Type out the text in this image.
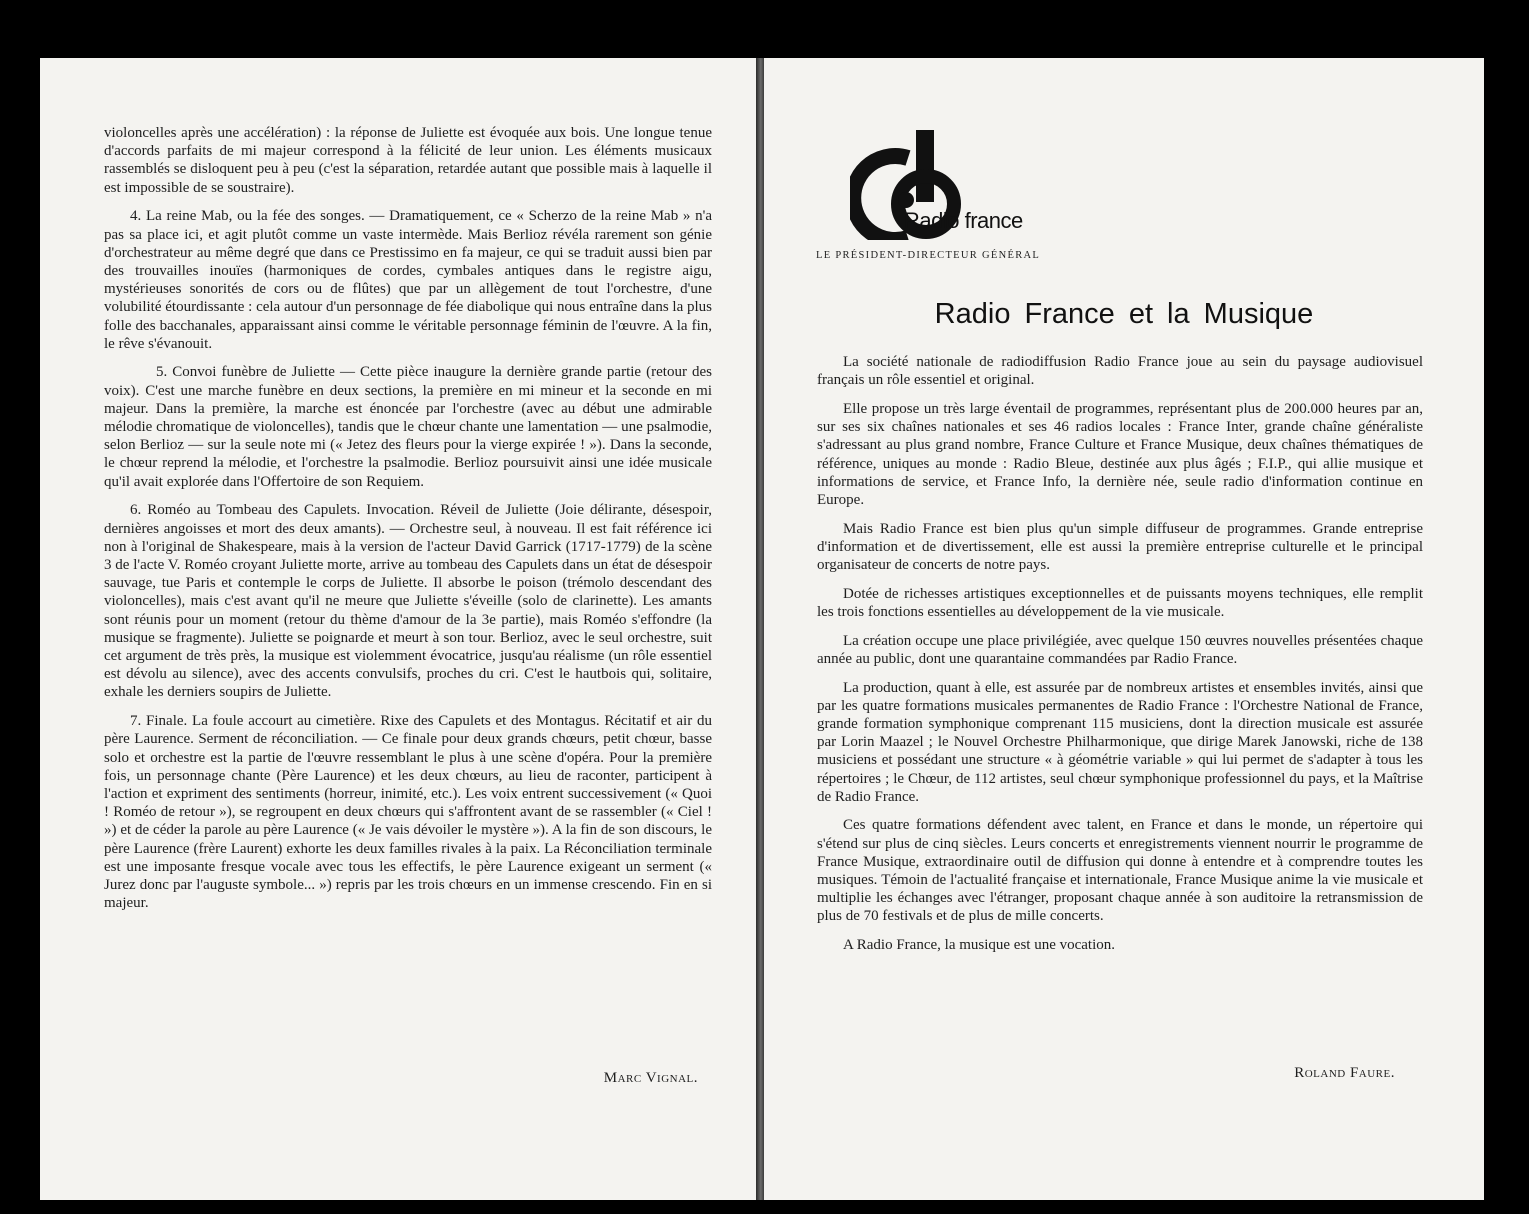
violoncelles après une accélération) : la réponse de Juliette est évoquée aux bois. Une longue tenue d'accords parfaits de mi majeur correspond à la félicité de leur union. Les éléments musicaux rassemblés se disloquent peu à peu (c'est la séparation, retardée autant que possible mais à laquelle il est impossible de se soustraire).

4. La reine Mab, ou la fée des songes. — Dramatiquement, ce « Scherzo de la reine Mab » n'a pas sa place ici, et agit plutôt comme un vaste intermède. Mais Berlioz révéla rarement son génie d'orchestrateur au même degré que dans ce Prestissimo en fa majeur, ce qui se traduit aussi bien par des trouvailles inouïes (harmoniques de cordes, cymbales antiques dans le registre aigu, mystérieuses sonorités de cors ou de flûtes) que par un allègement de tout l'orchestre, d'une volubilité étourdissante : cela autour d'un personnage de fée diabolique qui nous entraîne dans la plus folle des bacchanales, apparaissant ainsi comme le véritable personnage féminin de l'œuvre. A la fin, le rêve s'évanouit.

5. Convoi funèbre de Juliette — Cette pièce inaugure la dernière grande partie (retour des voix). C'est une marche funèbre en deux sections, la première en mi mineur et la seconde en mi majeur. Dans la première, la marche est énoncée par l'orchestre (avec au début une admirable mélodie chromatique de violoncelles), tandis que le chœur chante une lamentation — une psalmodie, selon Berlioz — sur la seule note mi (« Jetez des fleurs pour la vierge expirée ! »). Dans la seconde, le chœur reprend la mélodie, et l'orchestre la psalmodie. Berlioz poursuivit ainsi une idée musicale qu'il avait explorée dans l'Offertoire de son Requiem.

6. Roméo au Tombeau des Capulets. Invocation. Réveil de Juliette (Joie délirante, désespoir, dernières angoisses et mort des deux amants). — Orchestre seul, à nouveau. Il est fait référence ici non à l'original de Shakespeare, mais à la version de l'acteur David Garrick (1717-1779) de la scène 3 de l'acte V. Roméo croyant Juliette morte, arrive au tombeau des Capulets dans un état de désespoir sauvage, tue Paris et contemple le corps de Juliette. Il absorbe le poison (trémolo descendant des violoncelles), mais c'est avant qu'il ne meure que Juliette s'éveille (solo de clarinette). Les amants sont réunis pour un moment (retour du thème d'amour de la 3e partie), mais Roméo s'effondre (la musique se fragmente). Juliette se poignarde et meurt à son tour. Berlioz, avec le seul orchestre, suit cet argument de très près, la musique est violemment évocatrice, jusqu'au réalisme (un rôle essentiel est dévolu au silence), avec des accents convulsifs, proches du cri. C'est le hautbois qui, solitaire, exhale les derniers soupirs de Juliette.

7. Finale. La foule accourt au cimetière. Rixe des Capulets et des Montagus. Récitatif et air du père Laurence. Serment de réconciliation. — Ce finale pour deux grands chœurs, petit chœur, basse solo et orchestre est la partie de l'œuvre ressemblant le plus à une scène d'opéra. Pour la première fois, un personnage chante (Père Laurence) et les deux chœurs, au lieu de raconter, participent à l'action et expriment des sentiments (horreur, inimité, etc.). Les voix entrent successivement (« Quoi ! Roméo de retour »), se regroupent en deux chœurs qui s'affrontent avant de se rassembler (« Ciel ! ») et de céder la parole au père Laurence (« Je vais dévoiler le mystère »). A la fin de son discours, le père Laurence (frère Laurent) exhorte les deux familles rivales à la paix. La Réconciliation terminale est une imposante fresque vocale avec tous les effectifs, le père Laurence exigeant un serment (« Jurez donc par l'auguste symbole... ») repris par les trois chœurs en un immense crescendo. Fin en si majeur.

Marc Vignal.
Radio france
LE PRÉSIDENT-DIRECTEUR GÉNÉRAL
Radio France et la Musique

La société nationale de radiodiffusion Radio France joue au sein du paysage audiovisuel français un rôle essentiel et original.

Elle propose un très large éventail de programmes, représentant plus de 200.000 heures par an, sur ses six chaînes nationales et ses 46 radios locales : France Inter, grande chaîne généraliste s'adressant au plus grand nombre, France Culture et France Musique, deux chaînes thématiques de référence, uniques au monde : Radio Bleue, destinée aux plus âgés ; F.I.P., qui allie musique et informations de service, et France Info, la dernière née, seule radio d'information continue en Europe.

Mais Radio France est bien plus qu'un simple diffuseur de programmes. Grande entreprise d'information et de divertissement, elle est aussi la première entreprise culturelle et le principal organisateur de concerts de notre pays.

Dotée de richesses artistiques exceptionnelles et de puissants moyens techniques, elle remplit les trois fonctions essentielles au développement de la vie musicale.

La création occupe une place privilégiée, avec quelque 150 œuvres nouvelles présentées chaque année au public, dont une quarantaine commandées par Radio France.

La production, quant à elle, est assurée par de nombreux artistes et ensembles invités, ainsi que par les quatre formations musicales permanentes de Radio France : l'Orchestre National de France, grande formation symphonique comprenant 115 musiciens, dont la direction musicale est assurée par Lorin Maazel ; le Nouvel Orchestre Philharmonique, que dirige Marek Janowski, riche de 138 musiciens et possédant une structure « à géométrie variable » qui lui permet de s'adapter à tous les répertoires ; le Chœur, de 112 artistes, seul chœur symphonique professionnel du pays, et la Maîtrise de Radio France.

Ces quatre formations défendent avec talent, en France et dans le monde, un répertoire qui s'étend sur plus de cinq siècles. Leurs concerts et enregistrements viennent nourrir le programme de France Musique, extraordinaire outil de diffusion qui donne à entendre et à comprendre toutes les musiques. Témoin de l'actualité française et internationale, France Musique anime la vie musicale et multiplie les échanges avec l'étranger, proposant chaque année à son auditoire la retransmission de plus de 70 festivals et de plus de mille concerts.

A Radio France, la musique est une vocation.

Roland Faure.
